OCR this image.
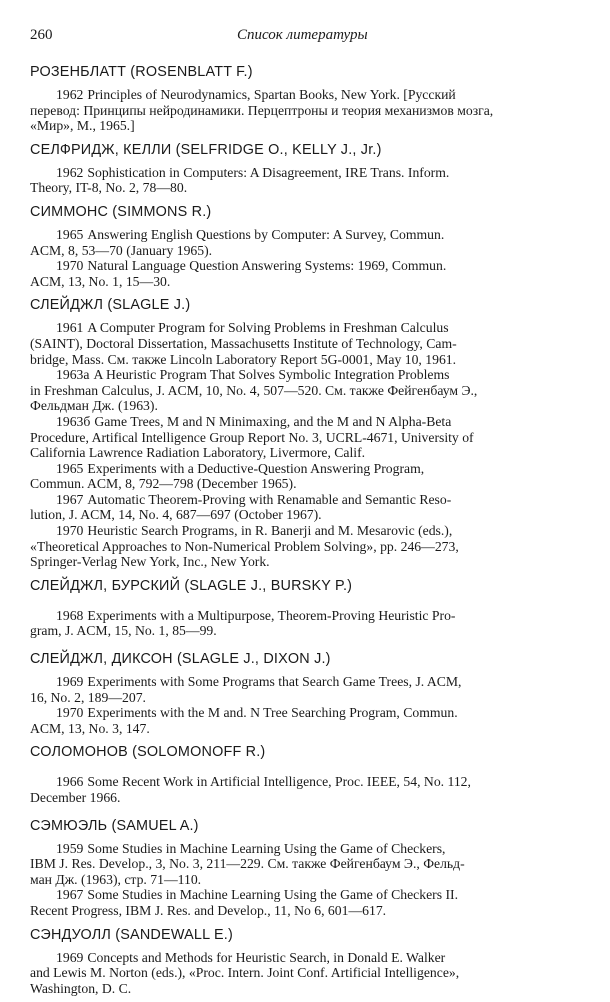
260	Список литературы

РОЗЕНБЛАТТ (ROSENBLATT F.)

1962 Principles of Neurodynamics, Spartan Books, New York. [Русский
перевод: Принципы нейродинамики. Перцептроны и теория механизмов мозга,
«Мир», М., 1965.]

СЕЛФРИДЖ, КЕЛЛИ (SELFRIDGE O., KELLY J., Jr.)

1962 Sophistication in Computers: A Disagreement, IRE Trans. Inform.
Theory, IT-8, No. 2, 78—80.

СИММОНС (SIMMONS R.)

1965 Answering English Questions by Computer: A Survey, Commun.
ACM, 8, 53—70 (January 1965).

1970 Natural Language Question Answering Systems: 1969, Commun.
ACM, 13, No. 1, 15—30.

СЛЕЙДЖЛ (SLAGLE J.)

1961 A Computer Program for Solving Problems in Freshman Calculus
(SAINT), Doctoral Dissertation, Massachusetts Institute of Technology, Cam-
bridge, Mass. См. также Lincoln Laboratory Report 5G-0001, May 10, 1961.

1963a A Heuristic Program That Solves Symbolic Integration Problems
in Freshman Calculus, J. ACM, 10, No. 4, 507—520. См. также Фейгенбаум Э.,
Фельдман Дж. (1963).

1963б Game Trees, M and N Minimaxing, and the M and N Alpha-Beta
Procedure, Artifical Intelligence Group Report No. 3, UCRL-4671, University of
California Lawrence Radiation Laboratory, Livermore, Calif.

1965 Experiments with a Deductive-Question Answering Program,
Commun. ACM, 8, 792—798 (December 1965).

1967 Automatic Theorem-Proving with Renamable and Semantic Reso-
lution, J. ACM, 14, No. 4, 687—697 (October 1967).

1970 Heuristic Search Programs, in R. Banerji and M. Mesarovic (eds.),
«Theoretical Approaches to Non-Numerical Problem Solving», pp. 246—273,
Springer-Verlag New York, Inc., New York.

СЛЕЙДЖЛ, БУРСКИЙ (SLAGLE J., BURSKY P.)

1968 Experiments with a Multipurpose, Theorem-Proving Heuristic Pro-
gram, J. ACM, 15, No. 1, 85—99.

СЛЕЙДЖЛ, ДИКСОН (SLAGLE J., DIXON J.)

1969 Experiments with Some Programs that Search Game Trees, J. ACM,
16, No. 2, 189—207.

1970 Experiments with the M and. N Tree Searching Program, Commun.
ACM, 13, No. 3, 147.

СОЛОМОНОВ (SOLOMONOFF R.)

1966 Some Recent Work in Artificial Intelligence, Proc. IEEE, 54, No. 112,
December 1966.

СЭМЮЭЛЬ (SAMUEL A.)

1959 Some Studies in Machine Learning Using the Game of Checkers,
IBM J. Res. Develop., 3, No. 3, 211—229. См. также Фейгенбаум Э., Фельд-
ман Дж. (1963), стр. 71—110.

1967 Some Studies in Machine Learning Using the Game of Checkers II.
Recent Progress, IBM J. Res. and Develop., 11, No 6, 601—617.

СЭНДУОЛЛ (SANDEWALL E.)

1969 Concepts and Methods for Heuristic Search, in Donald E. Walker
and Lewis M. Norton (eds.), «Proc. Intern. Joint Conf. Artificial Intelligence»,
Washington, D. C.
